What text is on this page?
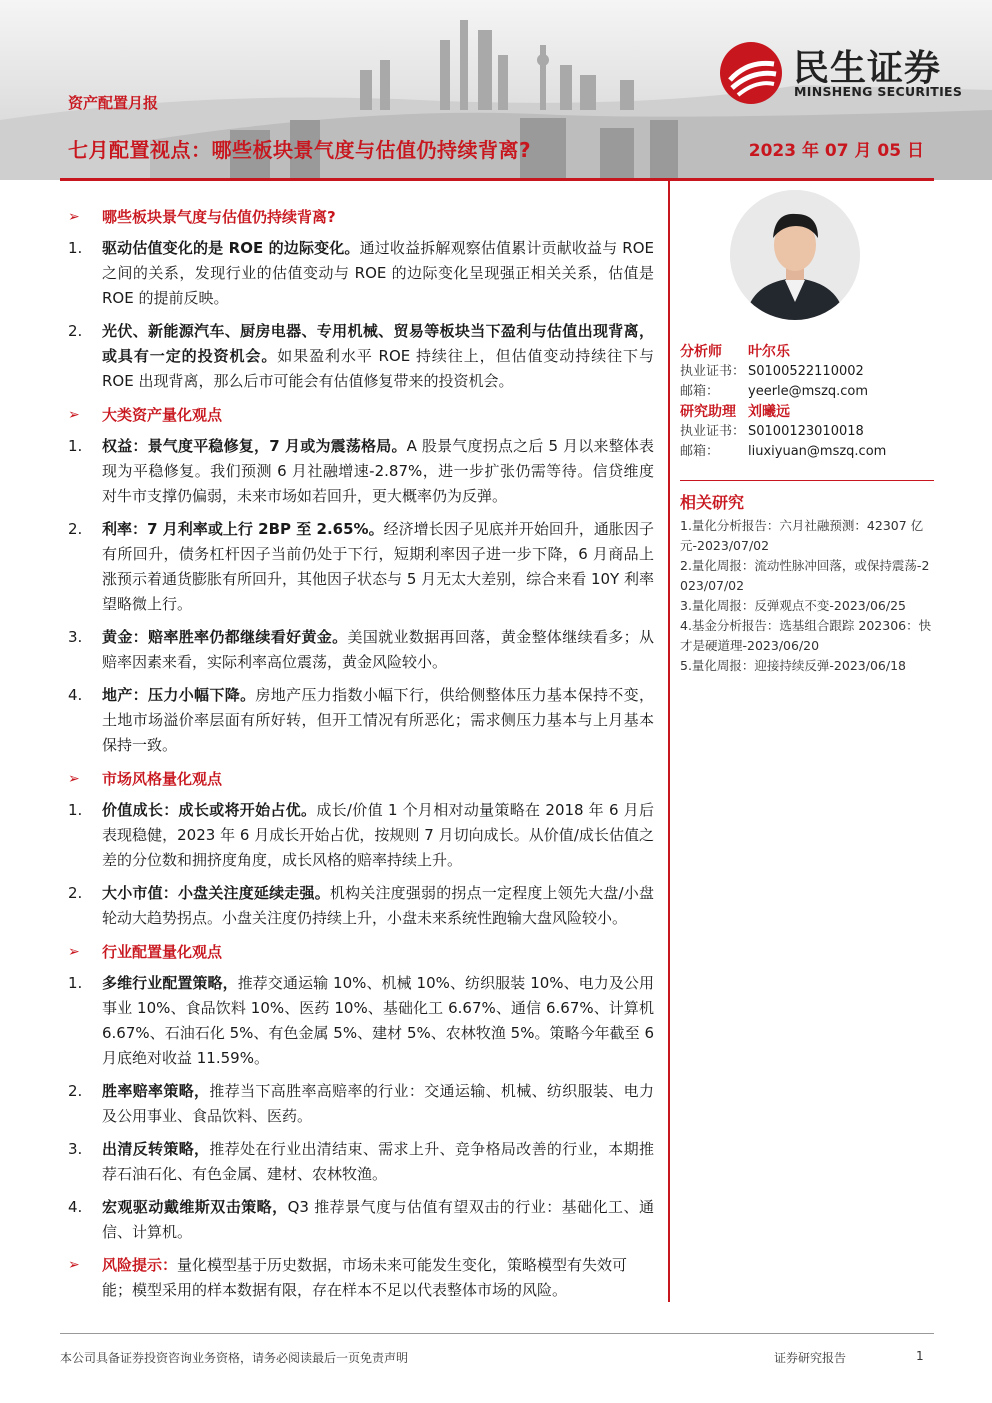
资产配置月报
七月配置视点：哪些板块景气度与估值仍持续背离?	2023 年 07 月 05 日
民生证券
MINSHENG SECURITIES
➢	哪些板块景气度与估值仍持续背离?
1.	驱动估值变化的是 ROE 的边际变化。通过收益拆解观察估值累计贡献收益与 ROE 之间的关系，发现行业的估值变动与 ROE 的边际变化呈现强正相关关系，估值是 ROE 的提前反映。
2.	光伏、新能源汽车、厨房电器、专用机械、贸易等板块当下盈利与估值出现背离，或具有一定的投资机会。如果盈利水平 ROE 持续往上，但估值变动持续往下与 ROE 出现背离，那么后市可能会有估值修复带来的投资机会。
➢	大类资产量化观点
1.	权益：景气度平稳修复，7 月或为震荡格局。A 股景气度拐点之后 5 月以来整体表现为平稳修复。我们预测 6 月社融增速-2.87%，进一步扩张仍需等待。信贷维度对牛市支撑仍偏弱，未来市场如若回升，更大概率仍为反弹。
2.	利率：7 月利率或上行 2BP 至 2.65%。经济增长因子见底并开始回升，通胀因子有所回升，债务杠杆因子当前仍处于下行，短期利率因子进一步下降，6 月商品上涨预示着通货膨胀有所回升，其他因子状态与 5 月无太大差别，综合来看 10Y 利率望略微上行。
3.	黄金：赔率胜率仍都继续看好黄金。美国就业数据再回落，黄金整体继续看多；从赔率因素来看，实际利率高位震荡，黄金风险较小。
4.	地产：压力小幅下降。房地产压力指数小幅下行，供给侧整体压力基本保持不变，土地市场溢价率层面有所好转，但开工情况有所恶化；需求侧压力基本与上月基本保持一致。
➢	市场风格量化观点
1.	价值成长：成长或将开始占优。成长/价值 1 个月相对动量策略在 2018 年 6 月后表现稳健，2023 年 6 月成长开始占优，按规则 7 月切向成长。从价值/成长估值之差的分位数和拥挤度角度，成长风格的赔率持续上升。
2.	大小市值：小盘关注度延续走强。机构关注度强弱的拐点一定程度上领先大盘/小盘轮动大趋势拐点。小盘关注度仍持续上升，小盘未来系统性跑输大盘风险较小。
➢	行业配置量化观点
1.	多维行业配置策略，推荐交通运输 10%、机械 10%、纺织服装 10%、电力及公用事业 10%、食品饮料 10%、医药 10%、基础化工 6.67%、通信 6.67%、计算机 6.67%、石油石化 5%、有色金属 5%、建材 5%、农林牧渔 5%。策略今年截至 6 月底绝对收益 11.59%。
2.	胜率赔率策略，推荐当下高胜率高赔率的行业：交通运输、机械、纺织服装、电力及公用事业、食品饮料、医药。
3.	出清反转策略，推荐处在行业出清结束、需求上升、竞争格局改善的行业，本期推荐石油石化、有色金属、建材、农林牧渔。
4.	宏观驱动戴维斯双击策略，Q3 推荐景气度与估值有望双击的行业：基础化工、通信、计算机。
➢	风险提示：量化模型基于历史数据，市场未来可能发生变化，策略模型有失效可能；模型采用的样本数据有限，存在样本不足以代表整体市场的风险。
分析师	叶尔乐
执业证书： S0100522110002
邮箱：	yeerle@mszq.com
研究助理 刘曦远
执业证书： S0100123010018
邮箱：	liuxiyuan@mszq.com
相关研究
1.量化分析报告：六月社融预测：42307 亿元-2023/07/02
2.量化周报：流动性脉冲回落，或保持震荡-2023/07/02
3.量化周报：反弹观点不变-2023/06/25
4.基金分析报告：选基组合跟踪 202306：快才是硬道理-2023/06/20
5.量化周报：迎接持续反弹-2023/06/18
本公司具备证券投资咨询业务资格，请务必阅读最后一页免责声明	证券研究报告	1
